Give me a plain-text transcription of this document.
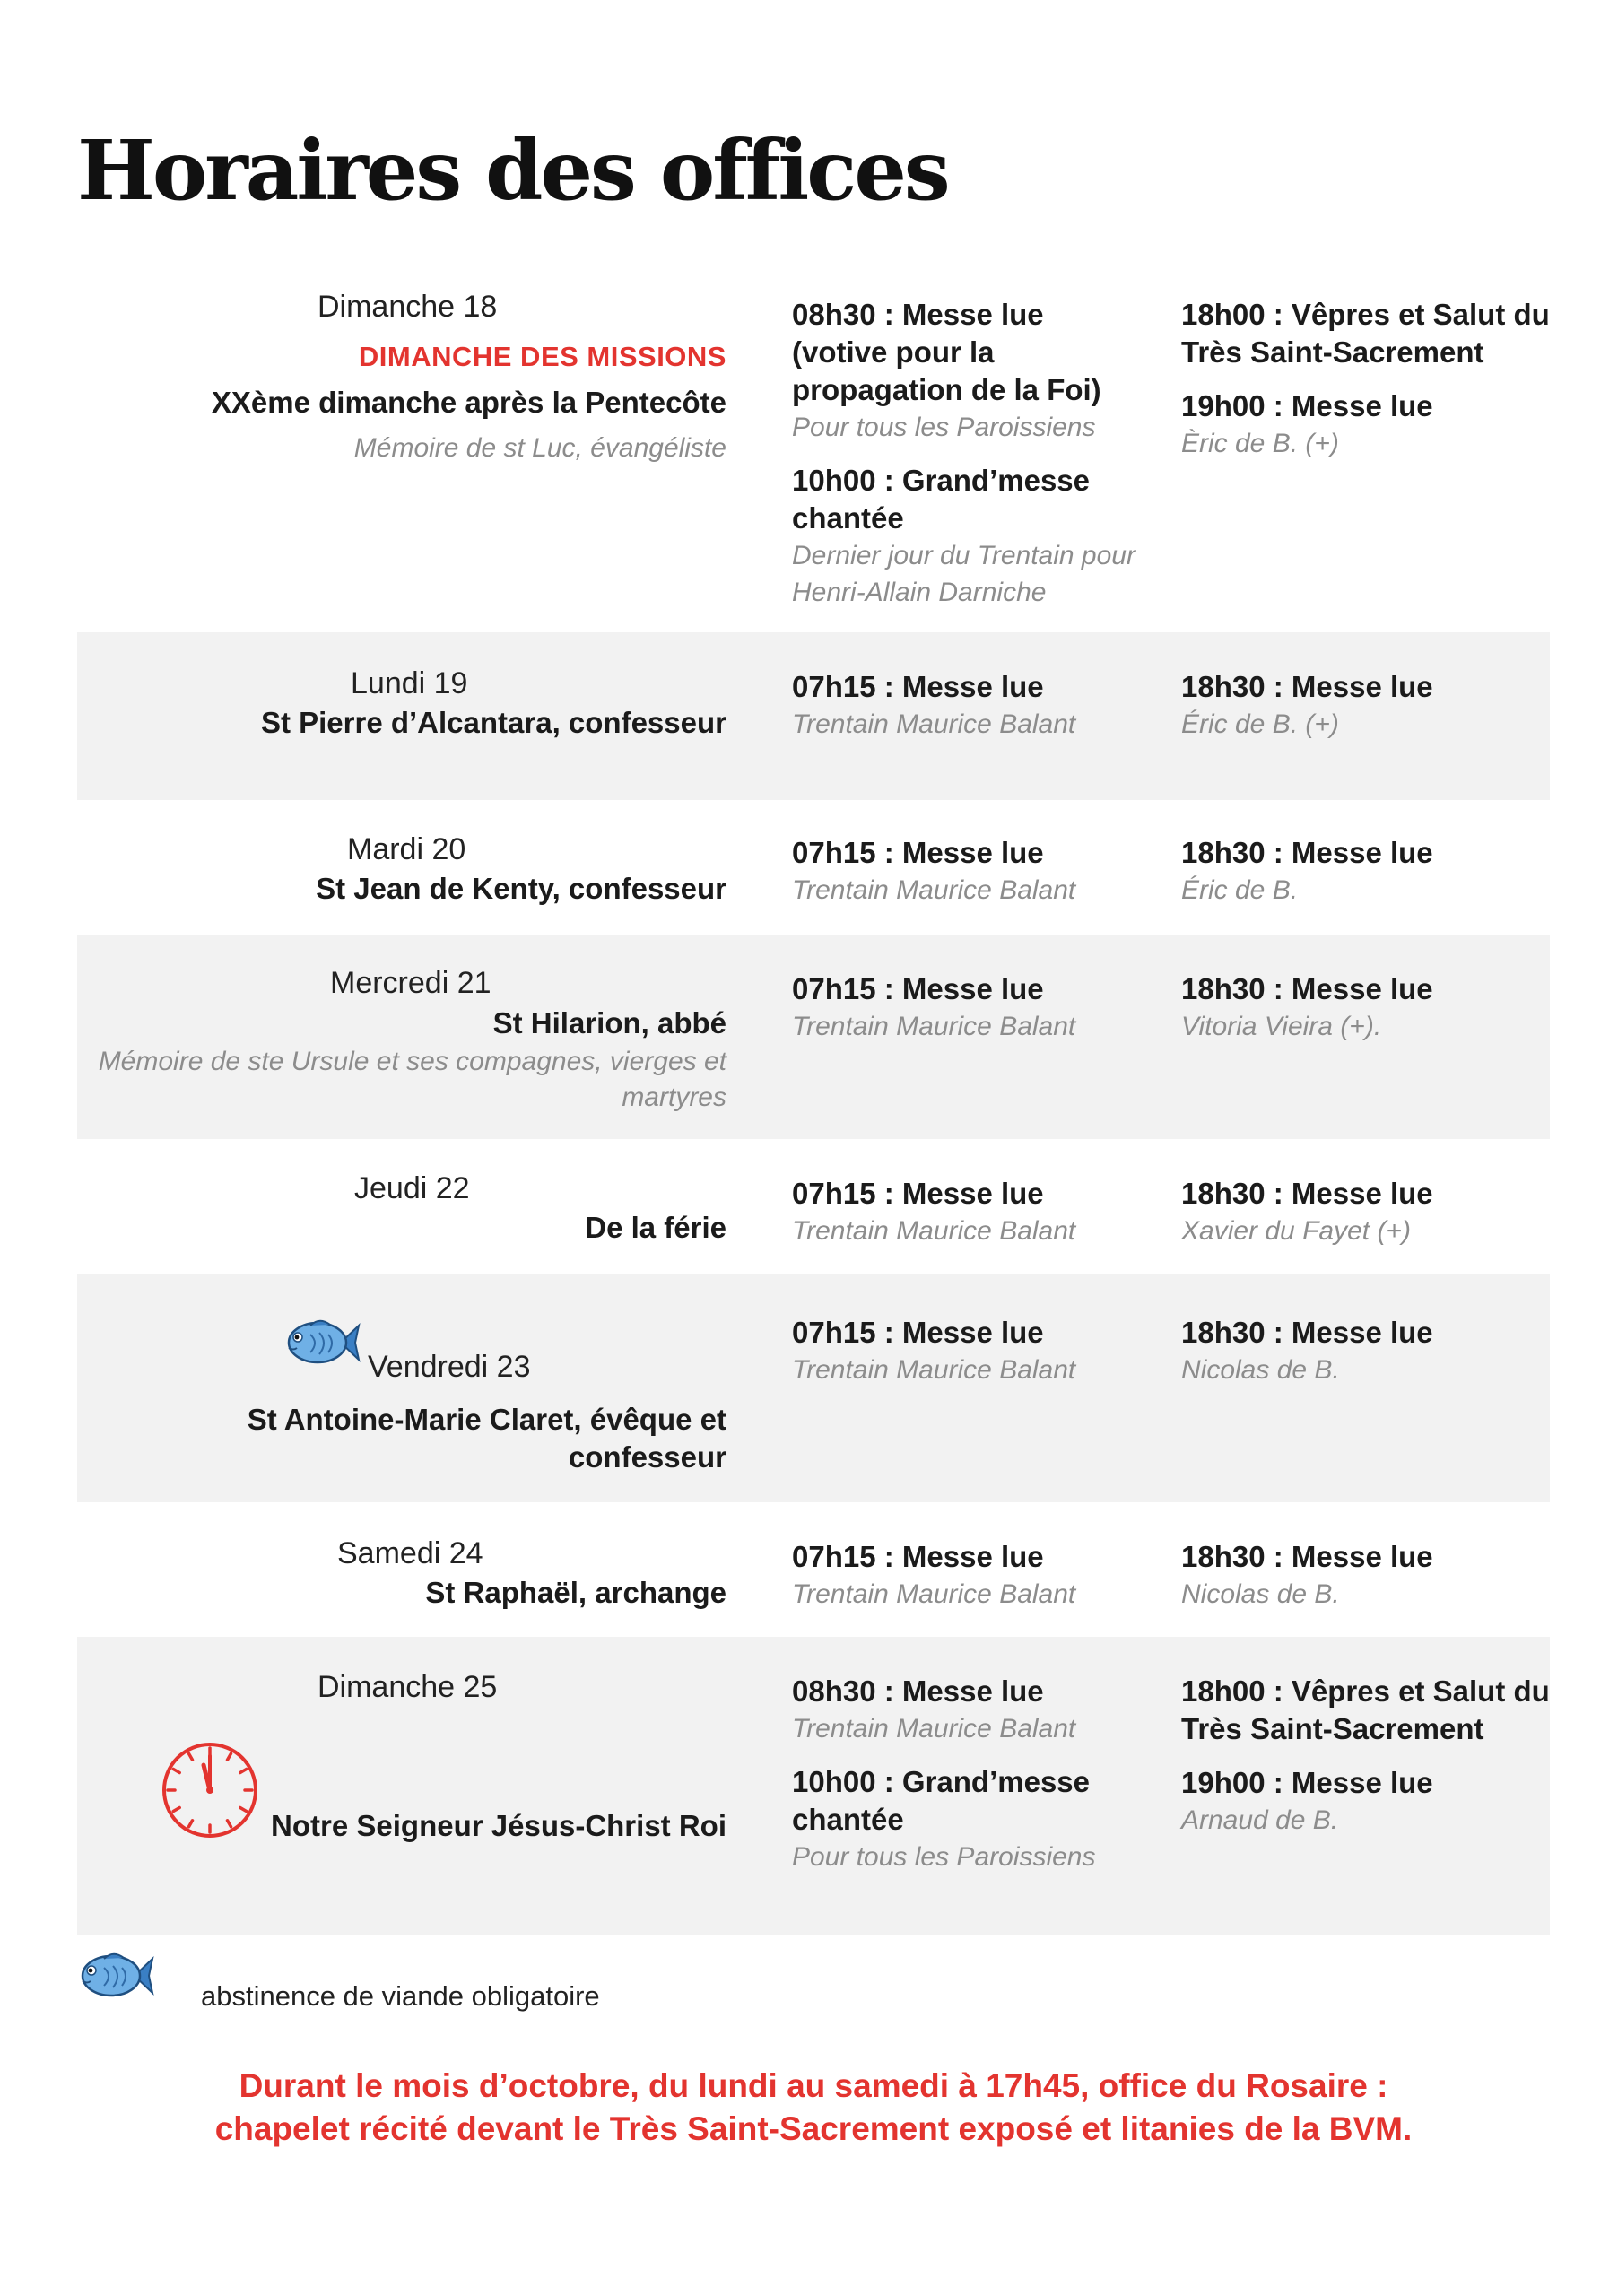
Horaires des offices
Dimanche 18
DIMANCHE DES MISSIONS
XXème dimanche après la Pentecôte
Mémoire de st Luc, évangéliste
08h30 : Messe lue (votive pour la propagation de la Foi)
Pour tous les Paroissiens
10h00 : Grand’messe chantée
Dernier jour du Trentain pour Henri-Allain Darniche
18h00 : Vêpres et Salut du Très Saint-Sacrement
19h00 : Messe lue
Èric de B. (+)
Lundi 19
St Pierre d’Alcantara, confesseur
07h15 : Messe lue
Trentain Maurice Balant
18h30 : Messe lue
Éric de B. (+)
Mardi 20
St Jean de Kenty, confesseur
07h15 : Messe lue
Trentain Maurice Balant
18h30 : Messe lue
Éric de B.
Mercredi 21
St Hilarion, abbé
Mémoire de ste Ursule et ses compagnes, vierges et martyres
07h15 : Messe lue
Trentain Maurice Balant
18h30 : Messe lue
Vitoria Vieira (+).
Jeudi 22
De la férie
07h15 : Messe lue
Trentain Maurice Balant
18h30 : Messe lue
Xavier du Fayet (+)
Vendredi 23
St Antoine-Marie Claret, évêque et confesseur
07h15 : Messe lue
Trentain Maurice Balant
18h30 : Messe lue
Nicolas de B.
Samedi 24
St Raphaël, archange
07h15 : Messe lue
Trentain Maurice Balant
18h30 : Messe lue
Nicolas de B.
Dimanche 25
Notre Seigneur Jésus-Christ Roi
08h30 : Messe lue
Trentain Maurice Balant
10h00 : Grand’messe chantée
Pour tous les Paroissiens
18h00 : Vêpres et Salut du Très Saint-Sacrement
19h00 : Messe lue
Arnaud de B.
abstinence de viande obligatoire

Durant le mois d’octobre, du lundi au samedi à 17h45, office du Rosaire :

chapelet récité devant le Très Saint-Sacrement exposé et litanies de la BVM.
